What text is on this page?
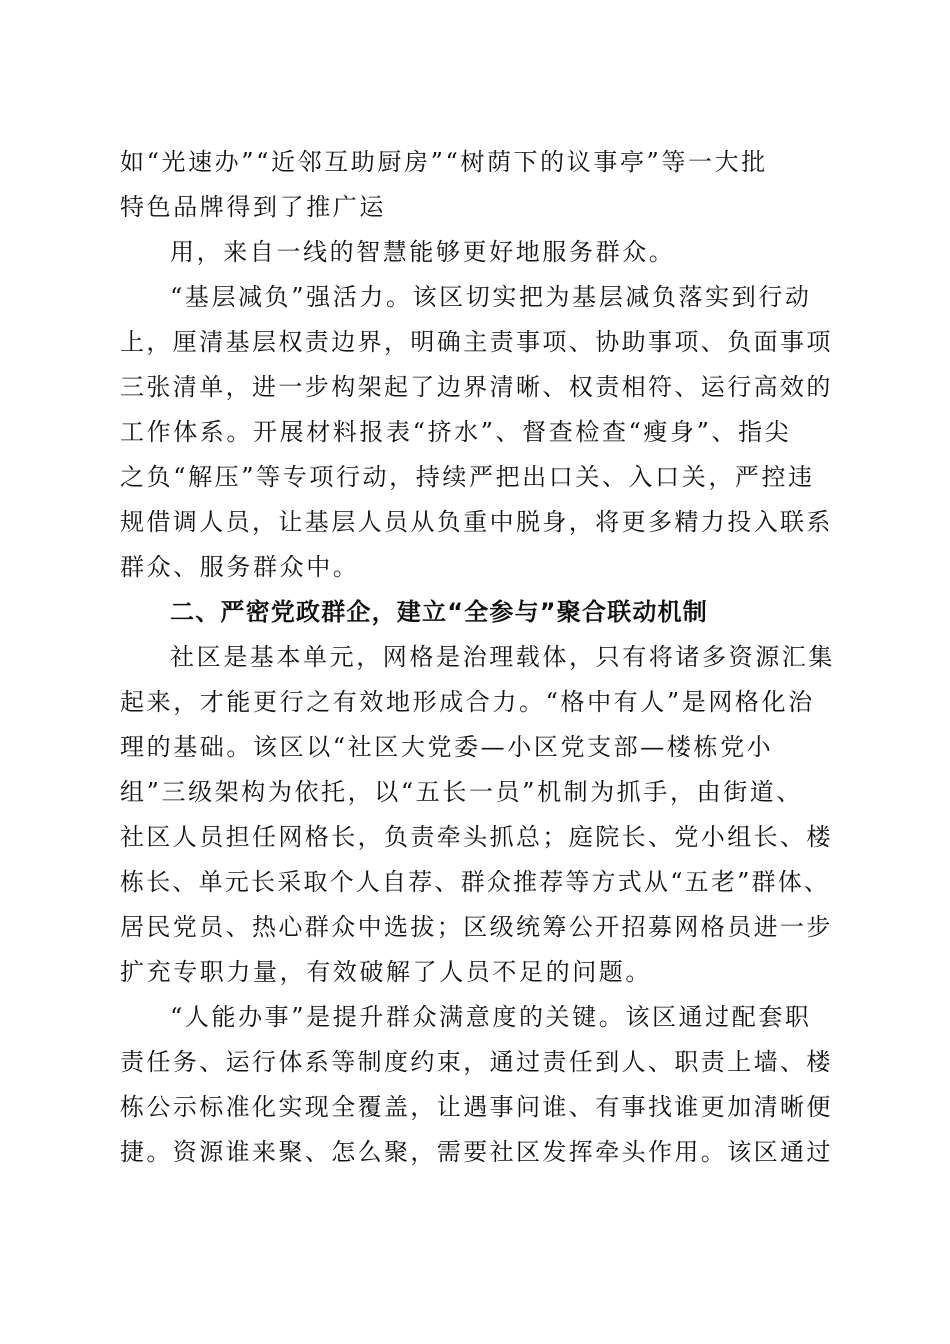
如“光速办”“近邻互助厨房”“树荫下的议事亭”等一大批
特色品牌得到了推广运
用，来自一线的智慧能够更好地服务群众。
“基层减负”强活力。该区切实把为基层减负落实到行动
上，厘清基层权责边界，明确主责事项、协助事项、负面事项
三张清单，进一步构架起了边界清晰、权责相符、运行高效的
工作体系。开展材料报表“挤水”、督查检查“瘦身”、指尖
之负“解压”等专项行动，持续严把出口关、入口关，严控违
规借调人员，让基层人员从负重中脱身，将更多精力投入联系
群众、服务群众中。
二、严密党政群企，建立“全参与”聚合联动机制
社区是基本单元，网格是治理载体，只有将诸多资源汇集
起来，才能更行之有效地形成合力。“格中有人”是网格化治
理的基础。该区以“社区大党委—小区党支部—楼栋党小
组”三级架构为依托，以“五长一员”机制为抓手，由街道、
社区人员担任网格长，负责牵头抓总；庭院长、党小组长、楼
栋长、单元长采取个人自荐、群众推荐等方式从“五老”群体、
居民党员、热心群众中选拔；区级统筹公开招募网格员进一步
扩充专职力量，有效破解了人员不足的问题。
“人能办事”是提升群众满意度的关键。该区通过配套职
责任务、运行体系等制度约束，通过责任到人、职责上墙、楼
栋公示标准化实现全覆盖，让遇事问谁、有事找谁更加清晰便
捷。资源谁来聚、怎么聚，需要社区发挥牵头作用。该区通过
